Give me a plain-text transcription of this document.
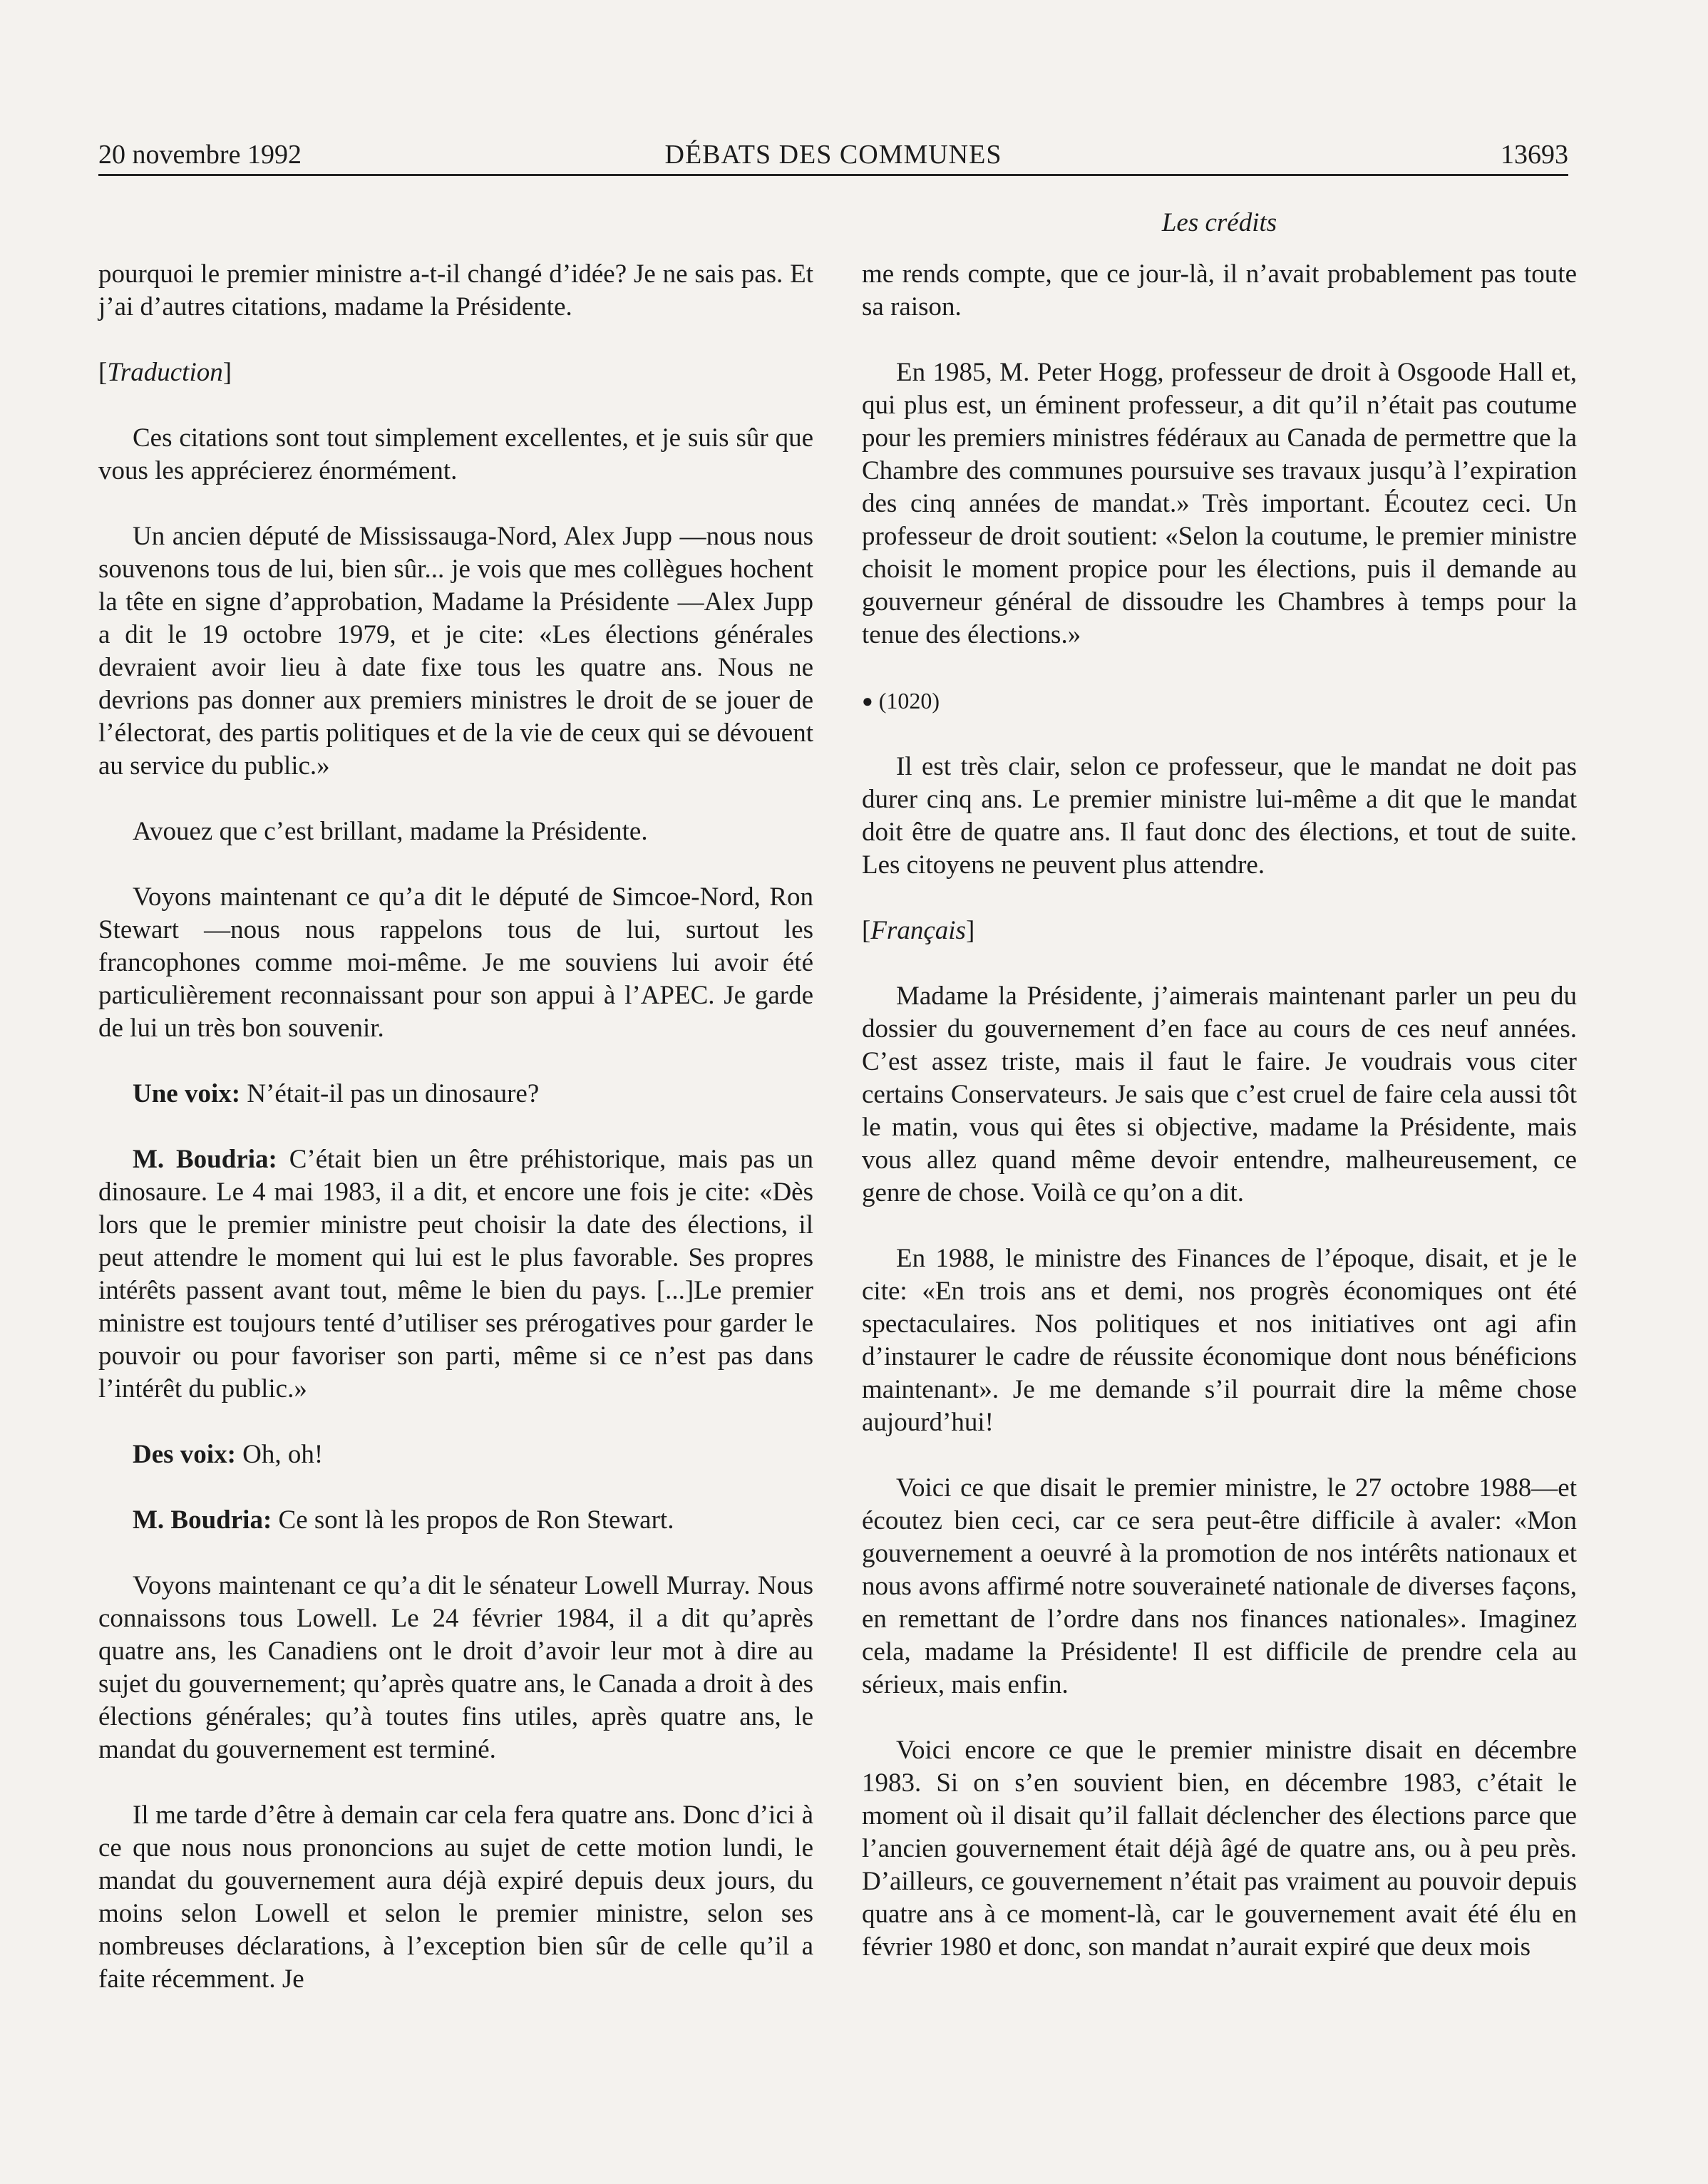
20 novembre 1992	DÉBATS DES COMMUNES	13693
Les crédits

pourquoi le premier ministre a-t-il changé d’idée? Je ne sais pas. Et j’ai d’autres citations, madame la Présidente.

[Traduction]

Ces citations sont tout simplement excellentes, et je suis sûr que vous les apprécierez énormément.

Un ancien député de Mississauga-Nord, Alex Jupp —nous nous souvenons tous de lui, bien sûr... je vois que mes collègues hochent la tête en signe d’approbation, Madame la Présidente —Alex Jupp a dit le 19 octobre 1979, et je cite: «Les élections générales devraient avoir lieu à date fixe tous les quatre ans. Nous ne devrions pas donner aux premiers ministres le droit de se jouer de l’électorat, des partis politiques et de la vie de ceux qui se dévouent au service du public.»

Avouez que c’est brillant, madame la Présidente.

Voyons maintenant ce qu’a dit le député de Simcoe-Nord, Ron Stewart —nous nous rappelons tous de lui, surtout les francophones comme moi-même. Je me souviens lui avoir été particulièrement reconnaissant pour son appui à l’APEC. Je garde de lui un très bon souvenir.

Une voix: N’était-il pas un dinosaure?

M. Boudria: C’était bien un être préhistorique, mais pas un dinosaure. Le 4 mai 1983, il a dit, et encore une fois je cite: «Dès lors que le premier ministre peut choisir la date des élections, il peut attendre le moment qui lui est le plus favorable. Ses propres intérêts passent avant tout, même le bien du pays. [...]Le premier ministre est toujours tenté d’utiliser ses prérogatives pour garder le pouvoir ou pour favoriser son parti, même si ce n’est pas dans l’intérêt du public.»

Des voix: Oh, oh!

M. Boudria: Ce sont là les propos de Ron Stewart.

Voyons maintenant ce qu’a dit le sénateur Lowell Murray. Nous connaissons tous Lowell. Le 24 février 1984, il a dit qu’après quatre ans, les Canadiens ont le droit d’avoir leur mot à dire au sujet du gouvernement; qu’après quatre ans, le Canada a droit à des élections générales; qu’à toutes fins utiles, après quatre ans, le mandat du gouvernement est terminé.

Il me tarde d’être à demain car cela fera quatre ans. Donc d’ici à ce que nous nous prononcions au sujet de cette motion lundi, le mandat du gouvernement aura déjà expiré depuis deux jours, du moins selon Lowell et selon le premier ministre, selon ses nombreuses déclarations, à l’exception bien sûr de celle qu’il a faite récemment. Je

me rends compte, que ce jour-là, il n’avait probablement pas toute sa raison.

En 1985, M. Peter Hogg, professeur de droit à Osgoode Hall et, qui plus est, un éminent professeur, a dit qu’il n’était pas coutume pour les premiers ministres fédéraux au Canada de permettre que la Chambre des communes poursuive ses travaux jusqu’à l’expiration des cinq années de mandat.» Très important. Écoutez ceci. Un professeur de droit soutient: «Selon la coutume, le premier ministre choisit le moment propice pour les élections, puis il demande au gouverneur général de dissoudre les Chambres à temps pour la tenue des élections.»

● (1020)

Il est très clair, selon ce professeur, que le mandat ne doit pas durer cinq ans. Le premier ministre lui-même a dit que le mandat doit être de quatre ans. Il faut donc des élections, et tout de suite. Les citoyens ne peuvent plus attendre.

[Français]

Madame la Présidente, j’aimerais maintenant parler un peu du dossier du gouvernement d’en face au cours de ces neuf années. C’est assez triste, mais il faut le faire. Je voudrais vous citer certains Conservateurs. Je sais que c’est cruel de faire cela aussi tôt le matin, vous qui êtes si objective, madame la Présidente, mais vous allez quand même devoir entendre, malheureusement, ce genre de chose. Voilà ce qu’on a dit.

En 1988, le ministre des Finances de l’époque, disait, et je le cite: «En trois ans et demi, nos progrès économiques ont été spectaculaires. Nos politiques et nos initiatives ont agi afin d’instaurer le cadre de réussite économique dont nous bénéficions maintenant». Je me demande s’il pourrait dire la même chose aujourd’hui!

Voici ce que disait le premier ministre, le 27 octobre 1988—et écoutez bien ceci, car ce sera peut-être difficile à avaler: «Mon gouvernement a oeuvré à la promotion de nos intérêts nationaux et nous avons affirmé notre souveraineté nationale de diverses façons, en remettant de l’ordre dans nos finances nationales». Imaginez cela, madame la Présidente! Il est difficile de prendre cela au sérieux, mais enfin.

Voici encore ce que le premier ministre disait en décembre 1983. Si on s’en souvient bien, en décembre 1983, c’était le moment où il disait qu’il fallait déclencher des élections parce que l’ancien gouvernement était déjà âgé de quatre ans, ou à peu près. D’ailleurs, ce gouvernement n’était pas vraiment au pouvoir depuis quatre ans à ce moment-là, car le gouvernement avait été élu en février 1980 et donc, son mandat n’aurait expiré que deux mois
